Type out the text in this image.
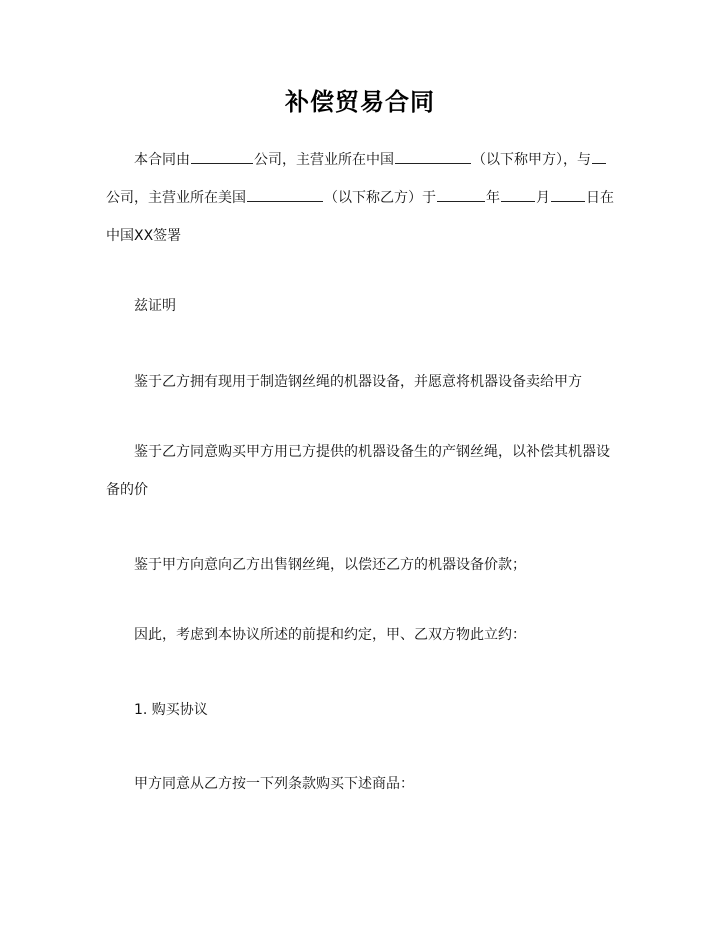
补偿贸易合同
本合同由	公司，主营业所在中国	（以下称甲方），与
公司，主营业所在美国	（以下称乙方）于	年	月	日在
中国XX签署

兹证明

鉴于乙方拥有现用于制造钢丝绳的机器设备，并愿意将机器设备卖给甲方

鉴于乙方同意购买甲方用已方提供的机器设备生的产钢丝绳，以补偿其机器设
备的价

鉴于甲方向意向乙方出售钢丝绳，以偿还乙方的机器设备价款；

因此，考虑到本协议所述的前提和约定，甲、乙双方物此立约：

1. 购买协议

甲方同意从乙方按一下列条款购买下述商品：
